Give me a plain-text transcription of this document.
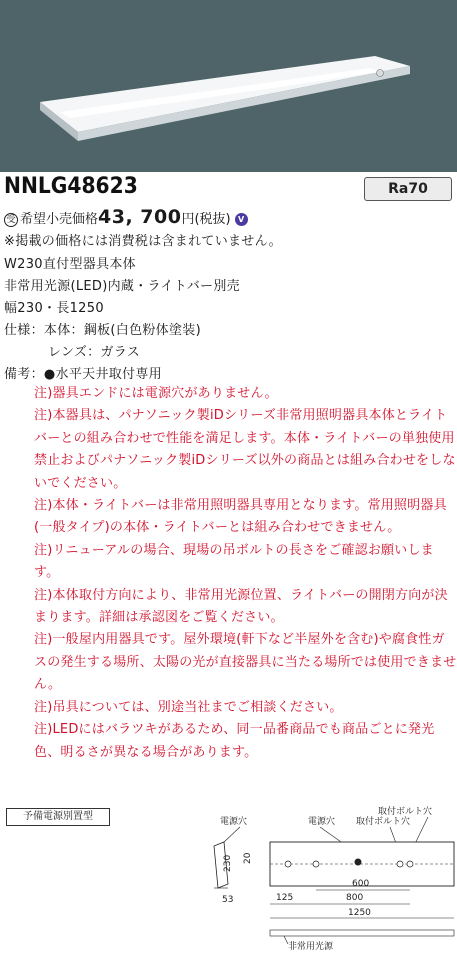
NNLG48623	Ra70
受 希望小売価格43, 700円(税抜) V
※掲載の価格には消費税は含まれていません。
W230直付型器具本体
非常用光源(LED)内蔵・ライトバー別売
幅230・長1250
仕様：本体：鋼板(白色粉体塗装)
レンズ：ガラス
備考：●水平天井取付専用
注)器具エンドには電源穴がありません。
注)本器具は、パナソニック製iDシリーズ非常用照明器具本体とライトバーとの組み合わせで性能を満足します。本体・ライトバーの単独使用禁止およびパナソニック製iDシリーズ以外の商品とは組み合わせをしないでください。
注)本体・ライトバーは非常用照明器具専用となります。常用照明器具(一般タイプ)の本体・ライトバーとは組み合わせできません。
注)リニューアルの場合、現場の吊ボルトの長さをご確認お願いします。
注)本体取付方向により、非常用光源位置、ライトバーの開閉方向が決まります。詳細は承認図をご覧ください。
注)一般屋内用器具です。屋外環境(軒下など半屋外を含む)や腐食性ガスの発生する場所、太陽の光が直接器具に当たる場所では使用できません。
注)吊具については、別途当社までご相談ください。
注)LEDにはバラツキがあるため、同一品番商品でも商品ごとに発光色、明るさが異なる場合があります。
予備電源別置型	電源穴	電源穴
取付ボルト穴
取付ボルト穴
230 20
53
600
125	800
1250
非常用光源
